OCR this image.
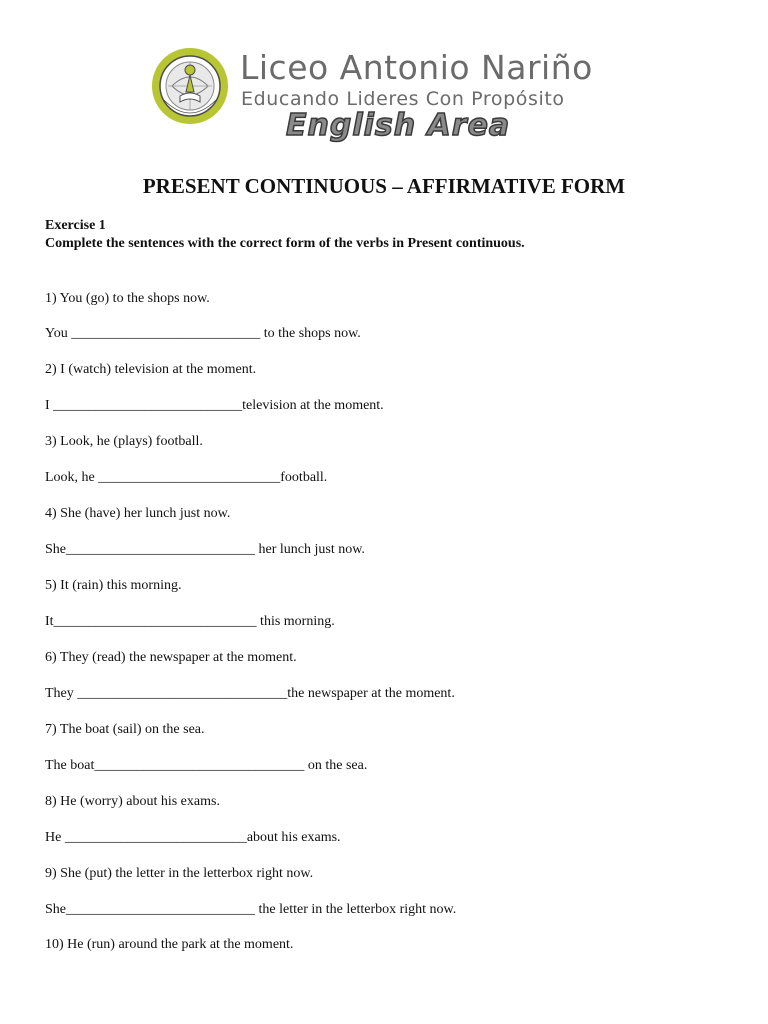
Liceo Antonio Nariño
Educando Lideres Con Propósito
English Area
PRESENT CONTINUOUS – AFFIRMATIVE FORM
Exercise 1
Complete the sentences with the correct form of the verbs in Present continuous.
1) You (go) to the shops now.
You ___________________________ to the shops now.
2) I (watch) television at the moment.
I ___________________________television at the moment.
3) Look, he (plays) football.
Look, he __________________________football.
4) She (have) her lunch just now.
She___________________________ her lunch just now.
5) It (rain) this morning.
It_____________________________ this morning.
6) They (read) the newspaper at the moment.
They ______________________________the newspaper at the moment.
7) The boat (sail) on the sea.
The boat______________________________ on the sea.
8) He (worry) about his exams.
He __________________________about his exams.
9) She (put) the letter in the letterbox right now.
She___________________________ the letter in the letterbox right now.
10) He (run) around the park at the moment.
